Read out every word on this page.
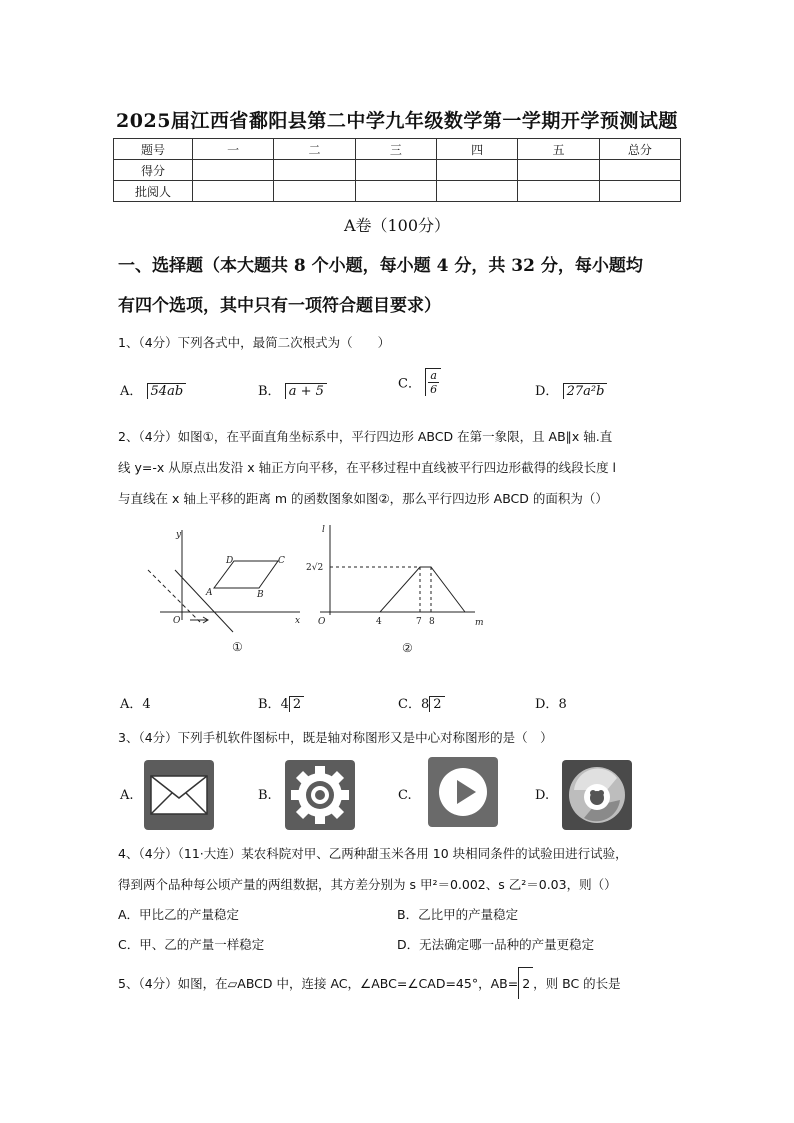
2025届江西省鄱阳县第二中学九年级数学第一学期开学预测试题
题号	一	二	三	四	五	总分
得分						
批阅人						
A卷（100分）
一、选择题（本大题共 8 个小题，每小题 4 分，共 32 分，每小题均
有四个选项，其中只有一项符合题目要求）
1、（4分）下列各式中，最简二次根式为（　　）
A． 54ab	B． a + 5	C． $\frac{a}{6}$	D． 27a²b
2、（4分）如图①，在平面直角坐标系中，平行四边形 ABCD 在第一象限，且 AB∥x 轴.直
线 y=-x 从原点出发沿 x 轴正方向平移，在平移过程中直线被平行四边形截得的线段长度 l
与直线在 x 轴上平移的距离 m 的函数图象如图②，那么平行四边形 ABCD 的面积为（）
y
x
O
A	B
C
D
①
l
m
O
2√2
4	7 8
②
A．4	B．4 2	C．8 2	D．8
3、（4分）下列手机软件图标中，既是轴对称图形又是中心对称图形的是（　）
A.	B.	C.	D.
4、（4分）（11·大连）某农科院对甲、乙两种甜玉米各用 10 块相同条件的试验田进行试验，
得到两个品种每公顷产量的两组数据，其方差分别为 s 甲²＝0.002、s 乙²＝0.03，则（）
A．甲比乙的产量稳定	B．乙比甲的产量稳定
C．甲、乙的产量一样稳定	D．无法确定哪一品种的产量更稳定
5、（4分）如图，在▱ABCD 中，连接 AC，∠ABC=∠CAD=45°，AB= 2 ，则 BC 的长是
